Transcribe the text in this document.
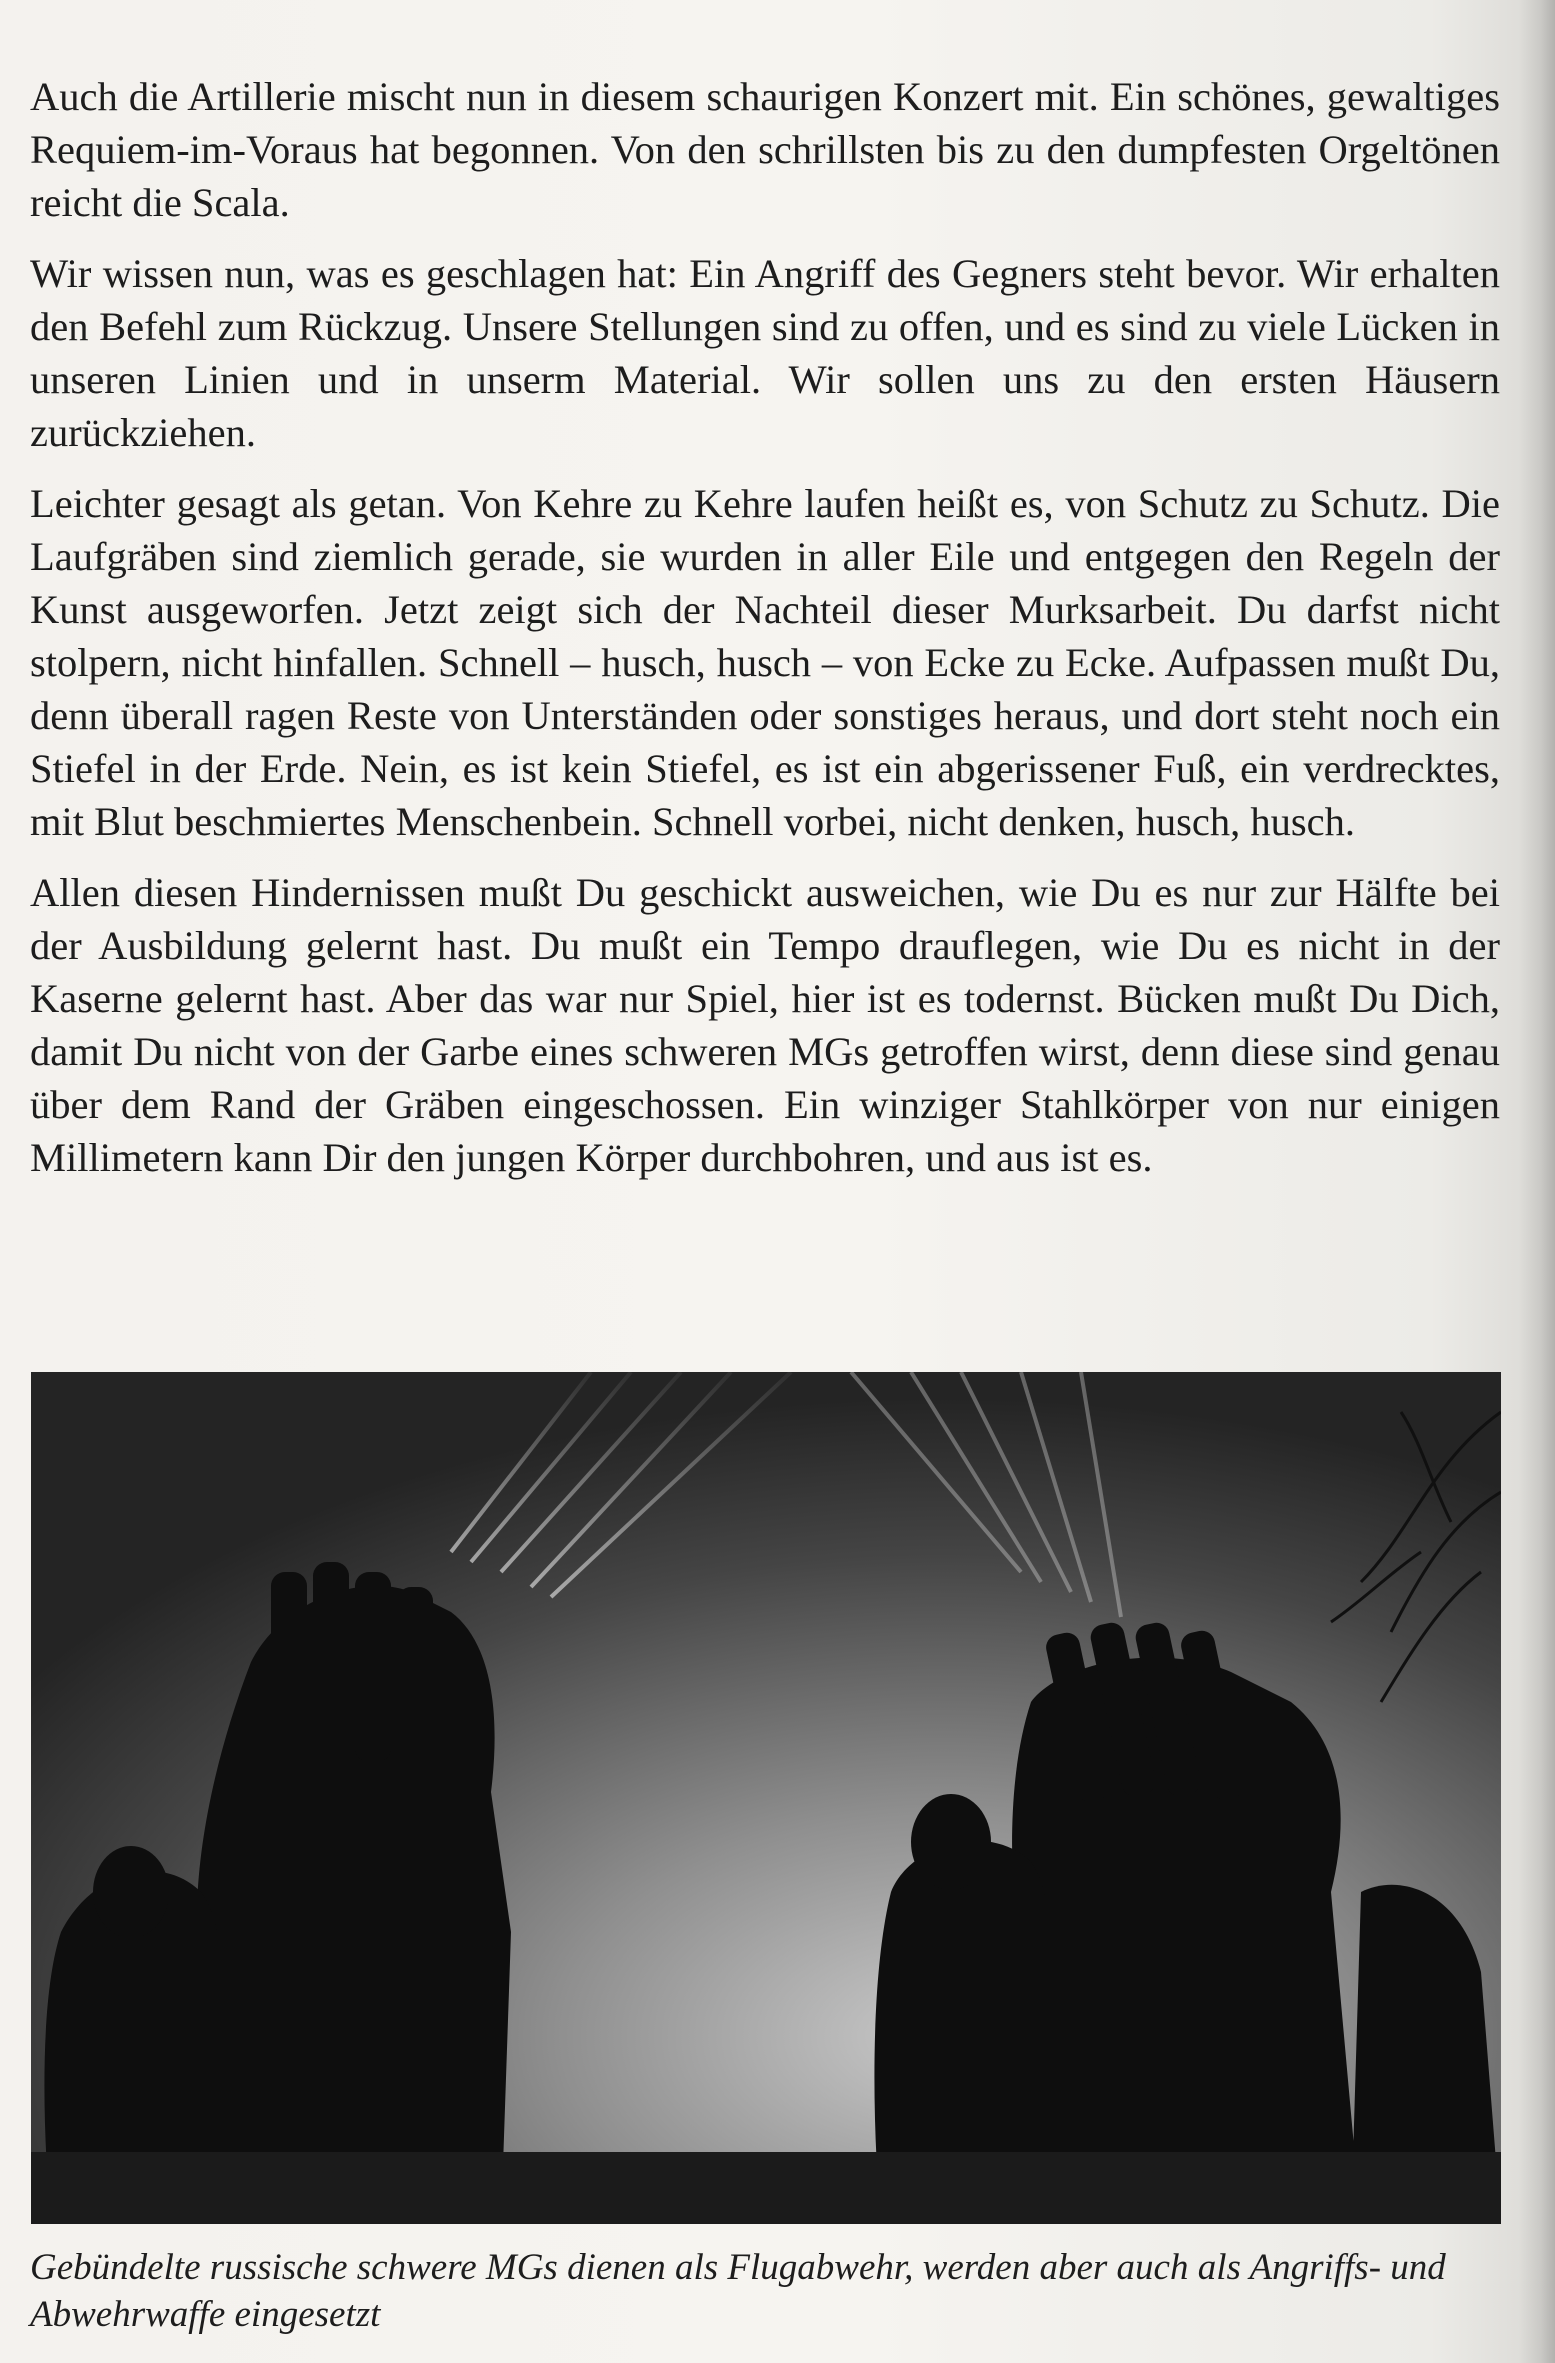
Auch die Artillerie mischt nun in diesem schaurigen Konzert mit. Ein schönes, gewaltiges Requiem-im-Voraus hat begonnen. Von den schrillsten bis zu den dumpfesten Orgeltönen reicht die Scala.

Wir wissen nun, was es geschlagen hat: Ein Angriff des Gegners steht bevor. Wir erhalten den Befehl zum Rückzug. Unsere Stellungen sind zu offen, und es sind zu viele Lücken in unseren Linien und in unserm Material. Wir sollen uns zu den ersten Häusern zurückziehen.

Leichter gesagt als getan. Von Kehre zu Kehre laufen heißt es, von Schutz zu Schutz. Die Laufgräben sind ziemlich gerade, sie wurden in aller Eile und entgegen den Regeln der Kunst ausgeworfen. Jetzt zeigt sich der Nachteil dieser Murksarbeit. Du darfst nicht stolpern, nicht hinfallen. Schnell – husch, husch – von Ecke zu Ecke. Aufpassen mußt Du, denn überall ragen Reste von Unterständen oder sonstiges heraus, und dort steht noch ein Stiefel in der Erde. Nein, es ist kein Stiefel, es ist ein abgerissener Fuß, ein verdrecktes, mit Blut beschmiertes Menschenbein. Schnell vorbei, nicht denken, husch, husch.

Allen diesen Hindernissen mußt Du geschickt ausweichen, wie Du es nur zur Hälfte bei der Ausbildung gelernt hast. Du mußt ein Tempo drauflegen, wie Du es nicht in der Kaserne gelernt hast. Aber das war nur Spiel, hier ist es todernst. Bücken mußt Du Dich, damit Du nicht von der Garbe eines schweren MGs getroffen wirst, denn diese sind genau über dem Rand der Gräben eingeschossen. Ein winziger Stahlkörper von nur einigen Millimetern kann Dir den jungen Körper durchbohren, und aus ist es.

Gebündelte russische schwere MGs dienen als Flugabwehr, werden aber auch als Angriffs- und Abwehrwaffe eingesetzt
